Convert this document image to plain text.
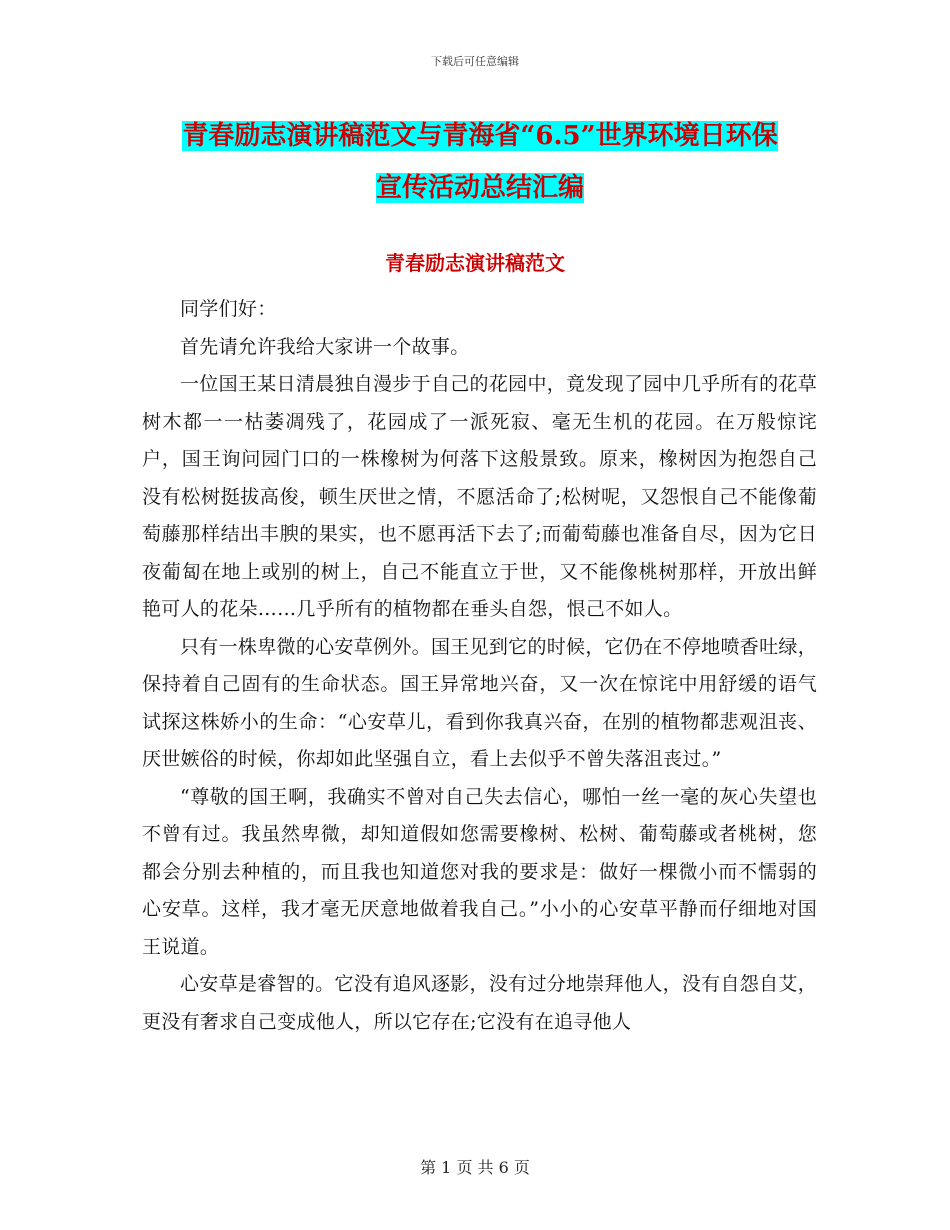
下载后可任意编辑
青春励志演讲稿范文与青海省“6.5”世界环境日环保
宣传活动总结汇编
青春励志演讲稿范文

同学们好：

首先请允许我给大家讲一个故事。

一位国王某日清晨独自漫步于自己的花园中，竟发现了园中几乎所有的花草树木都一一枯萎凋残了，花园成了一派死寂、毫无生机的花园。在万般惊诧户，国王询问园门口的一株橡树为何落下这般景致。原来，橡树因为抱怨自己没有松树挺拔高俊，顿生厌世之情，不愿活命了;松树呢，又怨恨自己不能像葡萄藤那样结出丰腴的果实，也不愿再活下去了;而葡萄藤也准备自尽，因为它日夜葡匐在地上或别的树上，自己不能直立于世，又不能像桃树那样，开放出鲜艳可人的花朵……几乎所有的植物都在垂头自怨，恨己不如人。

只有一株卑微的心安草例外。国王见到它的时候，它仍在不停地喷香吐绿，保持着自己固有的生命状态。国王异常地兴奋，又一次在惊诧中用舒缓的语气试探这株娇小的生命：“心安草儿，看到你我真兴奋，在别的植物都悲观沮丧、厌世嫉俗的时候，你却如此坚强自立，看上去似乎不曾失落沮丧过。”

“尊敬的国王啊，我确实不曾对自己失去信心，哪怕一丝一毫的灰心失望也不曾有过。我虽然卑微，却知道假如您需要橡树、松树、葡萄藤或者桃树，您都会分别去种植的，而且我也知道您对我的要求是：做好一棵微小而不懦弱的心安草。这样，我才毫无厌意地做着我自己。”小小的心安草平静而仔细地对国王说道。

心安草是睿智的。它没有追风逐影，没有过分地崇拜他人，没有自怨自艾，更没有奢求自己变成他人，所以它存在;它没有在追寻他人

第 1 页 共 6 页
